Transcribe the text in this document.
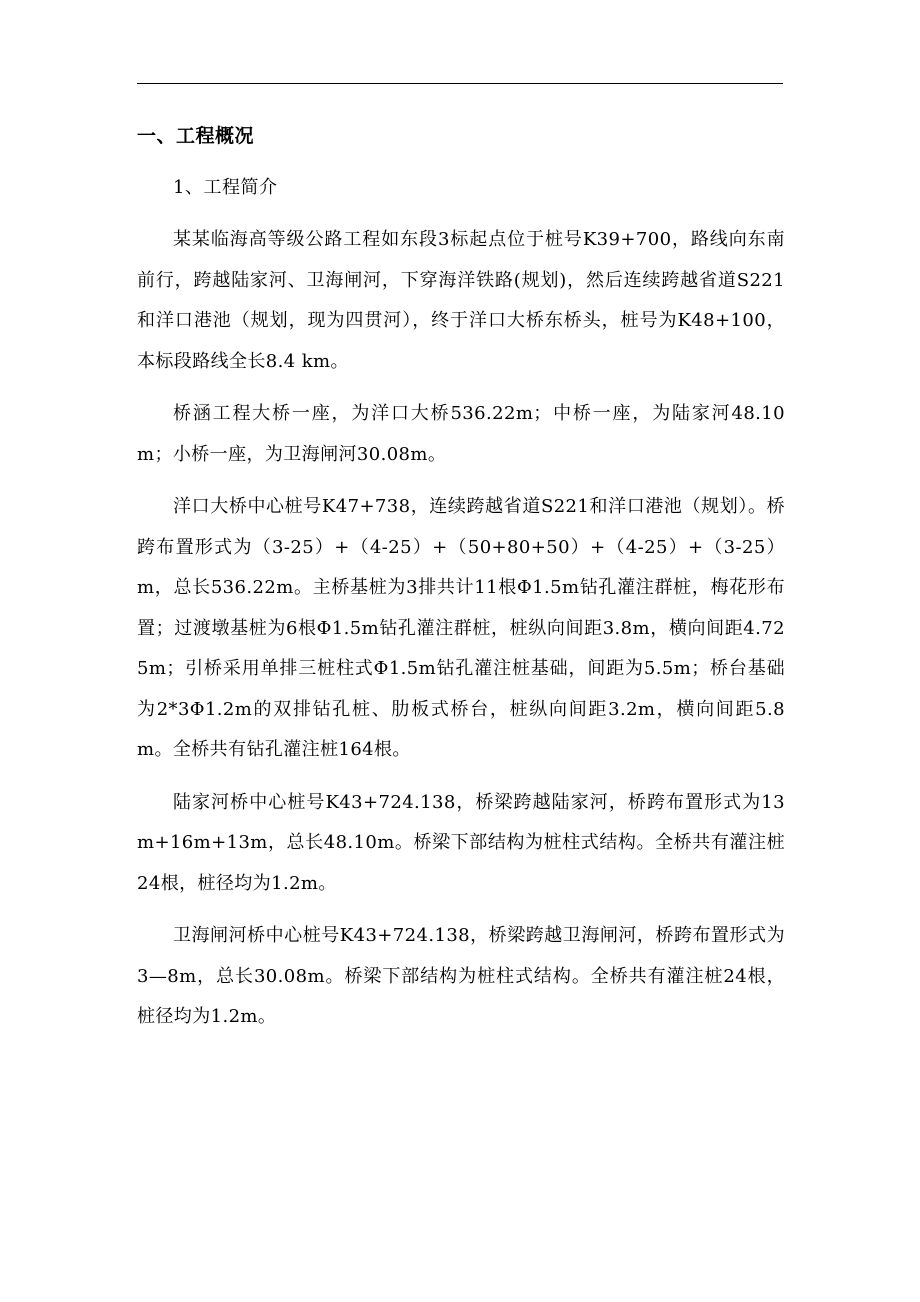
一、工程概况
1、工程简介

某某临海高等级公路工程如东段3标起点位于桩号K39+700，路线向东南前行，跨越陆家河、卫海闸河，下穿海洋铁路(规划)，然后连续跨越省道S221和洋口港池（规划，现为四贯河），终于洋口大桥东桥头，桩号为K48+100，本标段路线全长8.4 km。

桥涵工程大桥一座，为洋口大桥536.22m；中桥一座，为陆家河48.10m；小桥一座，为卫海闸河30.08m。

洋口大桥中心桩号K47+738，连续跨越省道S221和洋口港池（规划）。桥跨布置形式为（3-25）+（4-25）+（50+80+50）+（4-25）+（3-25）m，总长536.22m。主桥基桩为3排共计11根Φ1.5m钻孔灌注群桩，梅花形布置；过渡墩基桩为6根Φ1.5m钻孔灌注群桩，桩纵向间距3.8m，横向间距4.725m；引桥采用单排三桩柱式Φ1.5m钻孔灌注桩基础，间距为5.5m；桥台基础为2*3Φ1.2m的双排钻孔桩、肋板式桥台，桩纵向间距3.2m，横向间距5.8m。全桥共有钻孔灌注桩164根。

陆家河桥中心桩号K43+724.138，桥梁跨越陆家河，桥跨布置形式为13m+16m+13m，总长48.10m。桥梁下部结构为桩柱式结构。全桥共有灌注桩24根，桩径均为1.2m。

卫海闸河桥中心桩号K43+724.138，桥梁跨越卫海闸河，桥跨布置形式为3—8m，总长30.08m。桥梁下部结构为桩柱式结构。全桥共有灌注桩24根，桩径均为1.2m。
